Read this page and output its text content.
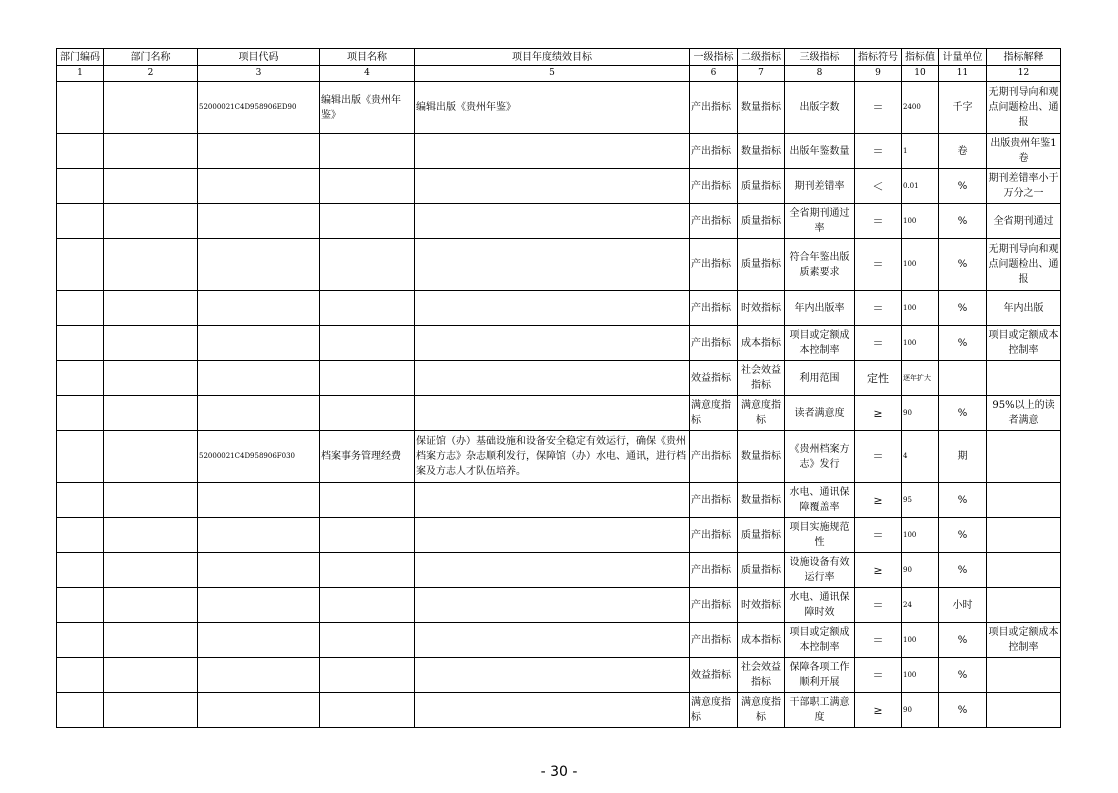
部门编码	部门名称	项目代码	项目名称	项目年度绩效目标	一级指标	二级指标	三级指标	指标符号	指标值	计量单位	指标解释
1	2	3	4	5	6	7	8	9	10	11	12
		52000021C4D958906ED90	编辑出版《贵州年鉴》	编辑出版《贵州年鉴》	产出指标	数量指标	出版字数	＝	2400	千字	无期刊导向和观点问题检出、通报
					产出指标	数量指标	出版年鉴数量	＝	1	卷	出版贵州年鉴1卷
					产出指标	质量指标	期刊差错率	＜	0.01	%	期刊差错率小于万分之一
					产出指标	质量指标	全省期刊通过率	＝	100	%	全省期刊通过
					产出指标	质量指标	符合年鉴出版质素要求	＝	100	%	无期刊导向和观点问题检出、通报
					产出指标	时效指标	年内出版率	＝	100	%	年内出版
					产出指标	成本指标	项目或定额成本控制率	＝	100	%	项目或定额成本控制率
					效益指标	社会效益指标	利用范围	定性	逐年扩大		
					满意度指标	满意度指标	读者满意度	≥	90	%	95%以上的读者满意
		52000021C4D958906F030	档案事务管理经费	保证馆（办）基础设施和设备安全稳定有效运行，确保《贵州档案方志》杂志顺利发行，保障馆（办）水电、通讯，进行档案及方志人才队伍培养。	产出指标	数量指标	《贵州档案方志》发行	＝	4	期	
					产出指标	数量指标	水电、通讯保障覆盖率	≥	95	%	
					产出指标	质量指标	项目实施规范性	＝	100	%	
					产出指标	质量指标	设施设备有效运行率	≥	90	%	
					产出指标	时效指标	水电、通讯保障时效	＝	24	小时	
					产出指标	成本指标	项目或定额成本控制率	＝	100	%	项目或定额成本控制率
					效益指标	社会效益指标	保障各项工作顺利开展	＝	100	%	
					满意度指标	满意度指标	干部职工满意度	≥	90	%	
- 30 -
